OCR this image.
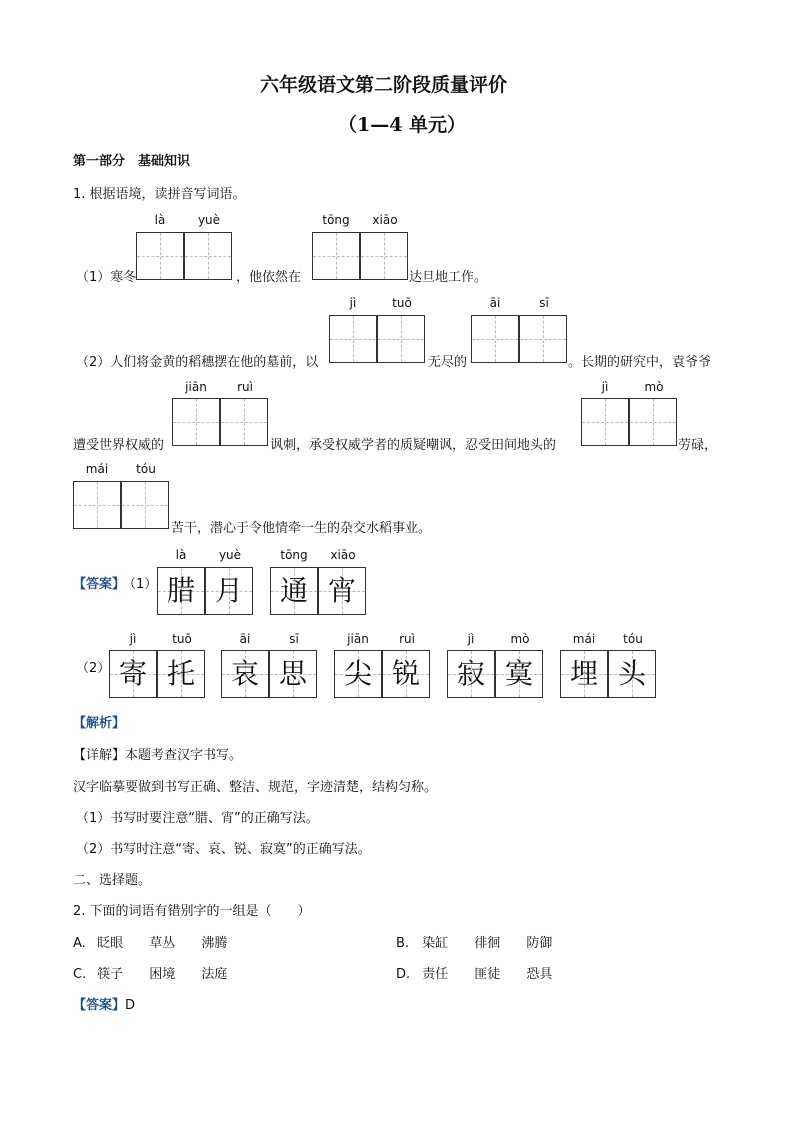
六年级语文第二阶段质量评价
（1—4 单元）
第一部分　基础知识
1. 根据语境，读拼音写词语。
là	yuè	tōng	xiāo
（1）寒冬	，他依然在	达旦地工作。
jì	tuō	āi	sī
（2）人们将金黄的稻穗摆在他的墓前，以	无尽的	。长期的研究中，袁爷爷
jiān	ruì	jì	mò
遭受世界权威的	讽刺，承受权威学者的质疑嘲讽，忍受田间地头的	劳碌，
mái	tóu
苦干，潜心于令他情牵一生的杂交水稻事业。
【答案】
（1）
là	yuè
腊 月
tōng	xiāo
通 宵
（2）
jì	tuō
寄 托
āi	sī
哀 思
jiān	ruì
尖 锐
jì	mò
寂 寞
mái	tóu
埋 头
【解析】
【详解】本题考查汉字书写。
汉字临摹要做到书写正确、整洁、规范，字迹清楚，结构匀称。
（1）书写时要注意“腊、宵”的正确写法。
（2）书写时注意“寄、哀、锐、寂寞”的正确写法。
二、选择题。
2. 下面的词语有错别字的一组是（　　）
A. 眨眼 草丛 沸腾	B. 染缸 徘徊 防御
C. 筷子 困境 法庭	D. 责任 匪徒 恐具
【答案】D
